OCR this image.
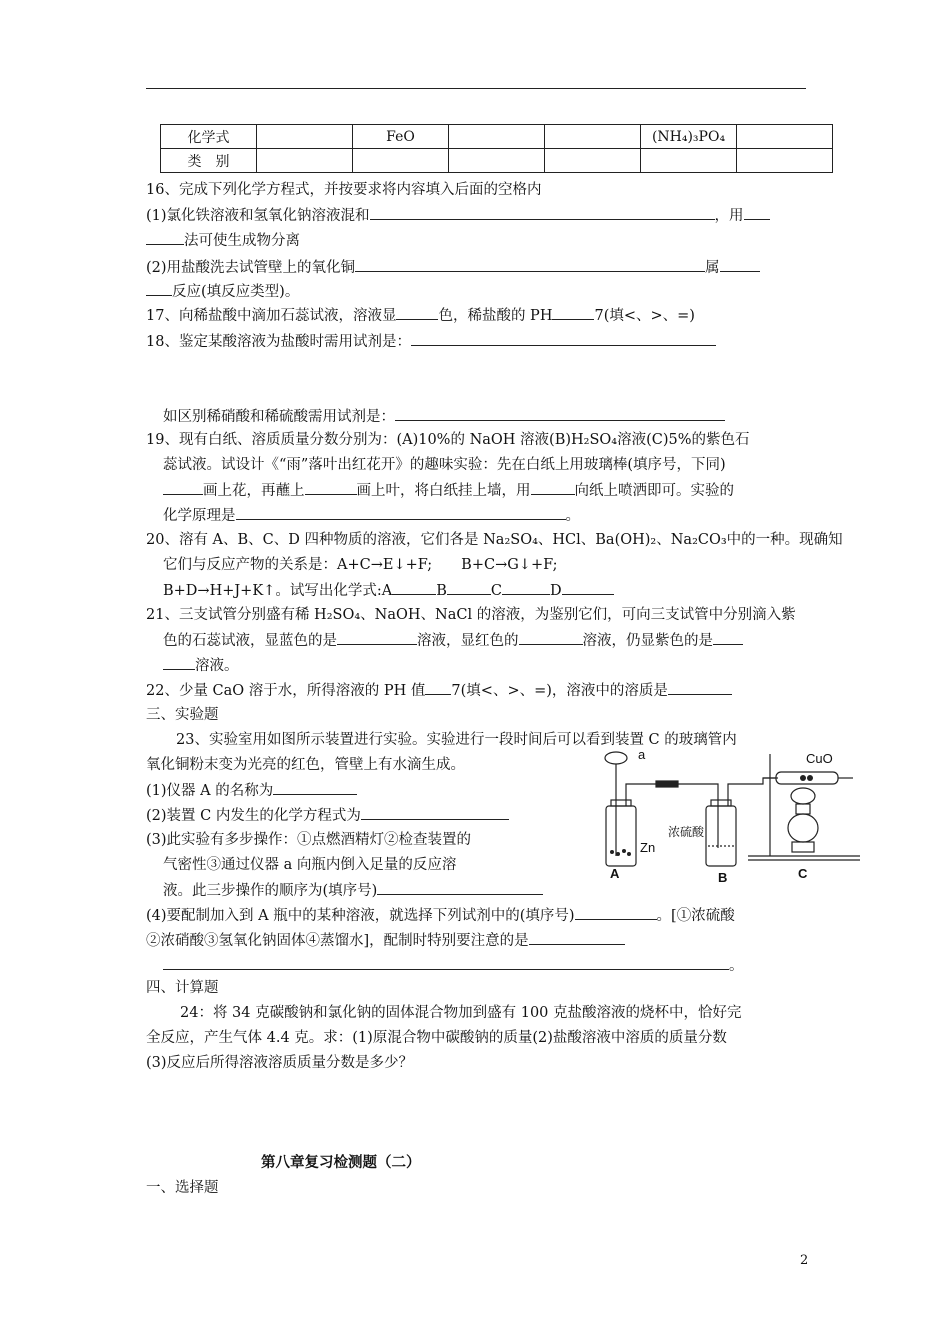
化学式		FeO			(NH₄)₃PO₄	
类　别						
16、完成下列化学方程式，并按要求将内容填入后面的空格内
(1)氯化铁溶液和氢氧化钠溶液混和	，用
法可使生成物分离
(2)用盐酸洗去试管壁上的氧化铜	属
反应(填反应类型)。
17、向稀盐酸中滴加石蕊试液，溶液显	色，稀盐酸的 PH	7(填<、>、=)
18、鉴定某酸溶液为盐酸时需用试剂是：
如区别稀硝酸和稀硫酸需用试剂是：
19、现有白纸、溶质质量分数分别为：(A)10%的 NaOH 溶液(B)H₂SO₄溶液(C)5%的紫色石
蕊试液。试设计《“雨”落叶出红花开》的趣味实验：先在白纸上用玻璃棒(填序号，下同)
画上花，再蘸上	画上叶，将白纸挂上墙，用	向纸上喷洒即可。实验的
化学原理是	。
20、溶有 A、B、C、D 四种物质的溶液，它们各是 Na₂SO₄、HCl、Ba(OH)₂、Na₂CO₃中的一种。现确知
它们与反应产物的关系是：A+C→E↓+F;　　B+C→G↓+F;
B+D→H+J+K↑。试写出化学式:A	B	C	D
21、三支试管分别盛有稀 H₂SO₄、NaOH、NaCl 的溶液，为鉴别它们，可向三支试管中分别滴入紫
色的石蕊试液，显蓝色的是	溶液，显红色的	溶液，仍显紫色的是
溶液。
22、少量 CaO 溶于水，所得溶液的 PH 值 7(填<、>、=)，溶液中的溶质是
三、实验题
23、实验室用如图所示装置进行实验。实验进行一段时间后可以看到装置 C 的玻璃管内
氧化铜粉末变为光亮的红色，管壁上有水滴生成。
(1)仪器 A 的名称为
(2)装置 C 内发生的化学方程式为
(3)此实验有多步操作：①点燃酒精灯②检查装置的
气密性③通过仪器 a 向瓶内倒入足量的反应溶
液。此三步操作的顺序为(填序号)
(4)要配制加入到 A 瓶中的某种溶液，就选择下列试剂中的(填序号)	。[①浓硫酸
②浓硝酸③氢氧化钠固体④蒸馏水]，配制时特别要注意的是
。
a
Zn
浓硫酸
CuO
A	B	C
四、计算题
24：将 34 克碳酸钠和氯化钠的固体混合物加到盛有 100 克盐酸溶液的烧杯中，恰好完
全反应，产生气体 4.4 克。求：(1)原混合物中碳酸钠的质量(2)盐酸溶液中溶质的质量分数
(3)反应后所得溶液溶质质量分数是多少？
第八章复习检测题（二）
一、选择题
2
